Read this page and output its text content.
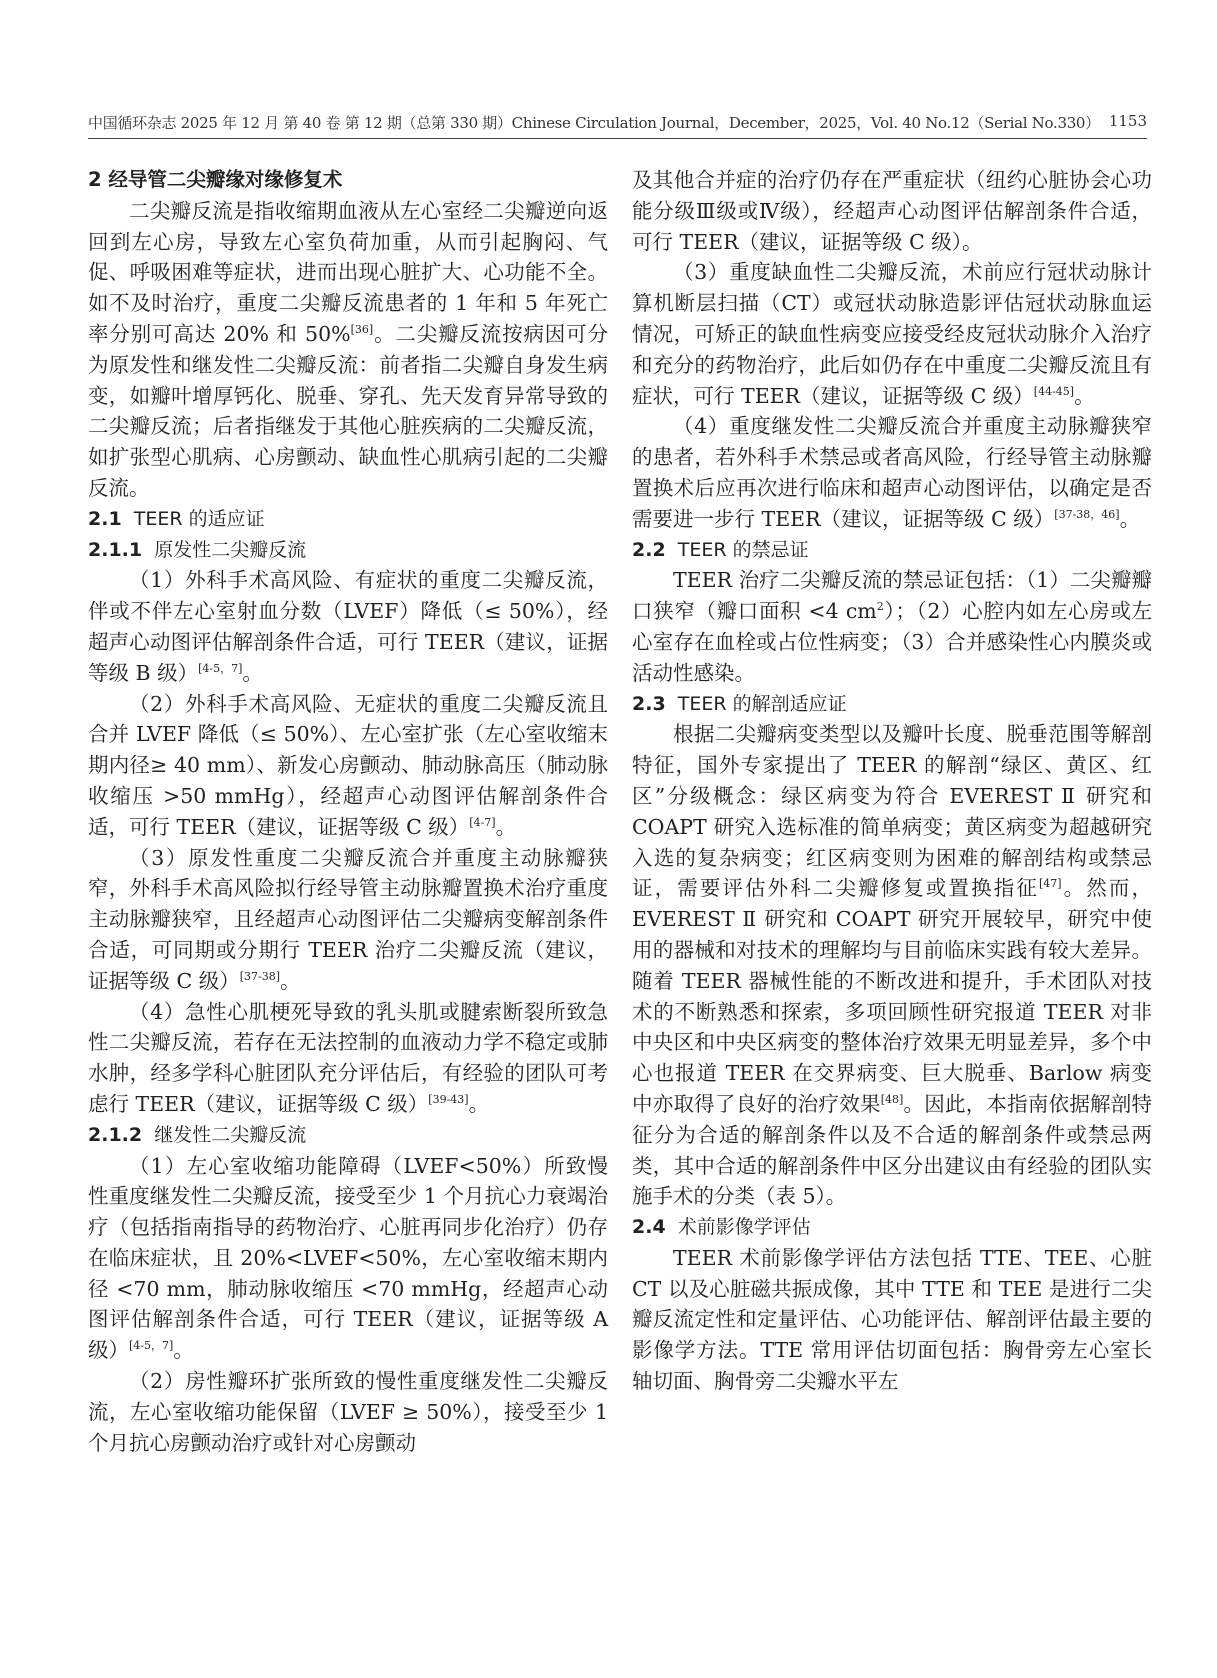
中国循环杂志 2025 年 12 月 第 40 卷 第 12 期（总第 330 期）Chinese Circulation Journal，December，2025，Vol. 40 No.12（Serial No.330） 1153

2 经导管二尖瓣缘对缘修复术

二尖瓣反流是指收缩期血液从左心室经二尖瓣逆向返回到左心房，导致左心室负荷加重，从而引起胸闷、气促、呼吸困难等症状，进而出现心脏扩大、心功能不全。如不及时治疗，重度二尖瓣反流患者的 1 年和 5 年死亡率分别可高达 20% 和 50%[36]。二尖瓣反流按病因可分为原发性和继发性二尖瓣反流：前者指二尖瓣自身发生病变，如瓣叶增厚钙化、脱垂、穿孔、先天发育异常导致的二尖瓣反流；后者指继发于其他心脏疾病的二尖瓣反流，如扩张型心肌病、心房颤动、缺血性心肌病引起的二尖瓣反流。

2.1 TEER 的适应证

2.1.1 原发性二尖瓣反流

（1）外科手术高风险、有症状的重度二尖瓣反流，伴或不伴左心室射血分数（LVEF）降低（≤ 50%），经超声心动图评估解剖条件合适，可行 TEER（建议，证据等级 B 级）[4-5，7]。

（2）外科手术高风险、无症状的重度二尖瓣反流且合并 LVEF 降低（≤ 50%）、左心室扩张（左心室收缩末期内径≥ 40 mm）、新发心房颤动、肺动脉高压（肺动脉收缩压 >50 mmHg），经超声心动图评估解剖条件合适，可行 TEER（建议，证据等级 C 级）[4-7]。

（3）原发性重度二尖瓣反流合并重度主动脉瓣狭窄，外科手术高风险拟行经导管主动脉瓣置换术治疗重度主动脉瓣狭窄，且经超声心动图评估二尖瓣病变解剖条件合适，可同期或分期行 TEER 治疗二尖瓣反流（建议，证据等级 C 级）[37-38]。

（4）急性心肌梗死导致的乳头肌或腱索断裂所致急性二尖瓣反流，若存在无法控制的血液动力学不稳定或肺水肿，经多学科心脏团队充分评估后，有经验的团队可考虑行 TEER（建议，证据等级 C 级）[39-43]。

2.1.2 继发性二尖瓣反流

（1）左心室收缩功能障碍（LVEF<50%）所致慢性重度继发性二尖瓣反流，接受至少 1 个月抗心力衰竭治疗（包括指南指导的药物治疗、心脏再同步化治疗）仍存在临床症状，且 20%<LVEF<50%，左心室收缩末期内径 <70 mm，肺动脉收缩压 <70 mmHg，经超声心动图评估解剖条件合适，可行 TEER（建议，证据等级 A 级）[4-5，7]。

（2）房性瓣环扩张所致的慢性重度继发性二尖瓣反流，左心室收缩功能保留（LVEF ≥ 50%），接受至少 1 个月抗心房颤动治疗或针对心房颤动

及其他合并症的治疗仍存在严重症状（纽约心脏协会心功能分级Ⅲ级或Ⅳ级），经超声心动图评估解剖条件合适，可行 TEER（建议，证据等级 C 级）。

（3）重度缺血性二尖瓣反流，术前应行冠状动脉计算机断层扫描（CT）或冠状动脉造影评估冠状动脉血运情况，可矫正的缺血性病变应接受经皮冠状动脉介入治疗和充分的药物治疗，此后如仍存在中重度二尖瓣反流且有症状，可行 TEER（建议，证据等级 C 级）[44-45]。

（4）重度继发性二尖瓣反流合并重度主动脉瓣狭窄的患者，若外科手术禁忌或者高风险，行经导管主动脉瓣置换术后应再次进行临床和超声心动图评估，以确定是否需要进一步行 TEER（建议，证据等级 C 级）[37-38，46]。

2.2 TEER 的禁忌证

TEER 治疗二尖瓣反流的禁忌证包括：（1）二尖瓣瓣口狭窄（瓣口面积 <4 $cm^2$）；（2）心腔内如左心房或左心室存在血栓或占位性病变；（3）合并感染性心内膜炎或活动性感染。

2.3 TEER 的解剖适应证

根据二尖瓣病变类型以及瓣叶长度、脱垂范围等解剖特征，国外专家提出了 TEER 的解剖“绿区、黄区、红区”分级概念：绿区病变为符合 EVEREST Ⅱ 研究和 COAPT 研究入选标准的简单病变；黄区病变为超越研究入选的复杂病变；红区病变则为困难的解剖结构或禁忌证，需要评估外科二尖瓣修复或置换指征[47]。然而，EVEREST Ⅱ 研究和 COAPT 研究开展较早，研究中使用的器械和对技术的理解均与目前临床实践有较大差异。随着 TEER 器械性能的不断改进和提升，手术团队对技术的不断熟悉和探索，多项回顾性研究报道 TEER 对非中央区和中央区病变的整体治疗效果无明显差异，多个中心也报道 TEER 在交界病变、巨大脱垂、Barlow 病变中亦取得了良好的治疗效果[48]。因此，本指南依据解剖特征分为合适的解剖条件以及不合适的解剖条件或禁忌两类，其中合适的解剖条件中区分出建议由有经验的团队实施手术的分类（表 5）。

2.4 术前影像学评估

TEER 术前影像学评估方法包括 TTE、TEE、心脏 CT 以及心脏磁共振成像，其中 TTE 和 TEE 是进行二尖瓣反流定性和定量评估、心功能评估、解剖评估最主要的影像学方法。TTE 常用评估切面包括：胸骨旁左心室长轴切面、胸骨旁二尖瓣水平左
